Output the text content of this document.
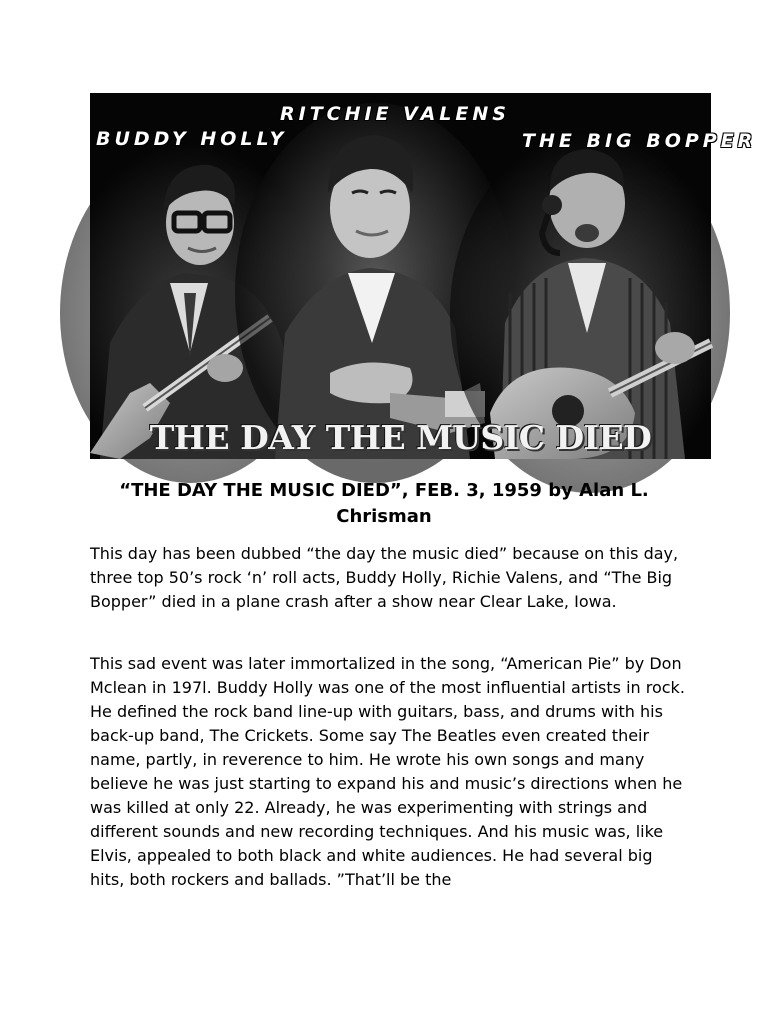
BUDDY HOLLY
RITCHIE VALENS
THE BIG BOPPER
THE DAY THE MUSIC DIED
“THE DAY THE MUSIC DIED”, FEB. 3, 1959 by Alan L. Chrisman

This day has been dubbed “the day the music died” because on this day, three top 50’s rock ‘n’ roll acts, Buddy Holly, Richie Valens, and “The Big Bopper” died in a plane crash after a show near Clear Lake, Iowa.

This sad event was later immortalized in the song, “American Pie” by Don Mclean in 197l. Buddy Holly was one of the most influential artists in rock. He defined the rock band line-up with guitars, bass, and drums with his back-up band, The Crickets. Some say The Beatles even created their name, partly, in reverence to him. He wrote his own songs and many believe he was just starting to expand his and music’s directions when he was killed at only 22. Already, he was experimenting with strings and different sounds and new recording techniques. And his music was, like Elvis, appealed to both black and white audiences. He had several big hits, both rockers and ballads. ”That’ll be the
